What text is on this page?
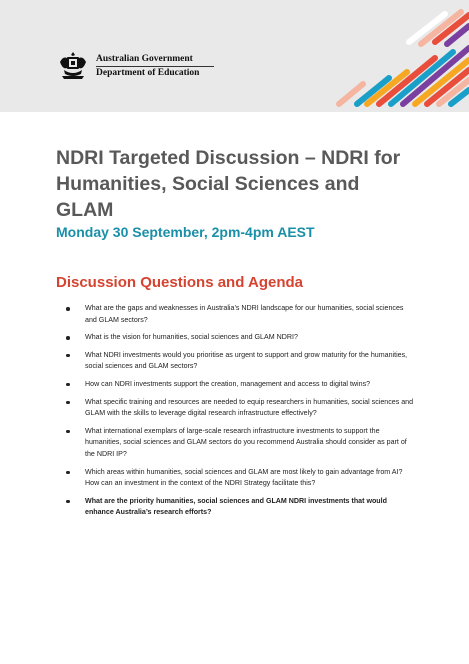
Australian Government
Department of Education
NDRI Targeted Discussion – NDRI for Humanities, Social Sciences and GLAM
Monday 30 September, 2pm-4pm AEST
Discussion Questions and Agenda
What are the gaps and weaknesses in Australia’s NDRI landscape for our humanities, social sciences and GLAM sectors?
What is the vision for humanities, social sciences and GLAM NDRI?
What NDRI investments would you prioritise as urgent to support and grow maturity for the humanities, social sciences and GLAM sectors?
How can NDRI investments support the creation, management and access to digital twins?
What specific training and resources are needed to equip researchers in humanities, social sciences and GLAM with the skills to leverage digital research infrastructure effectively?
What international exemplars of large-scale research infrastructure investments to support the humanities, social sciences and GLAM sectors do you recommend Australia should consider as part of the NDRI IP?
Which areas within humanities, social sciences and GLAM are most likely to gain advantage from AI? How can an investment in the context of the NDRI Strategy facilitate this?
What are the priority humanities, social sciences and GLAM NDRI investments that would enhance Australia’s research efforts?
